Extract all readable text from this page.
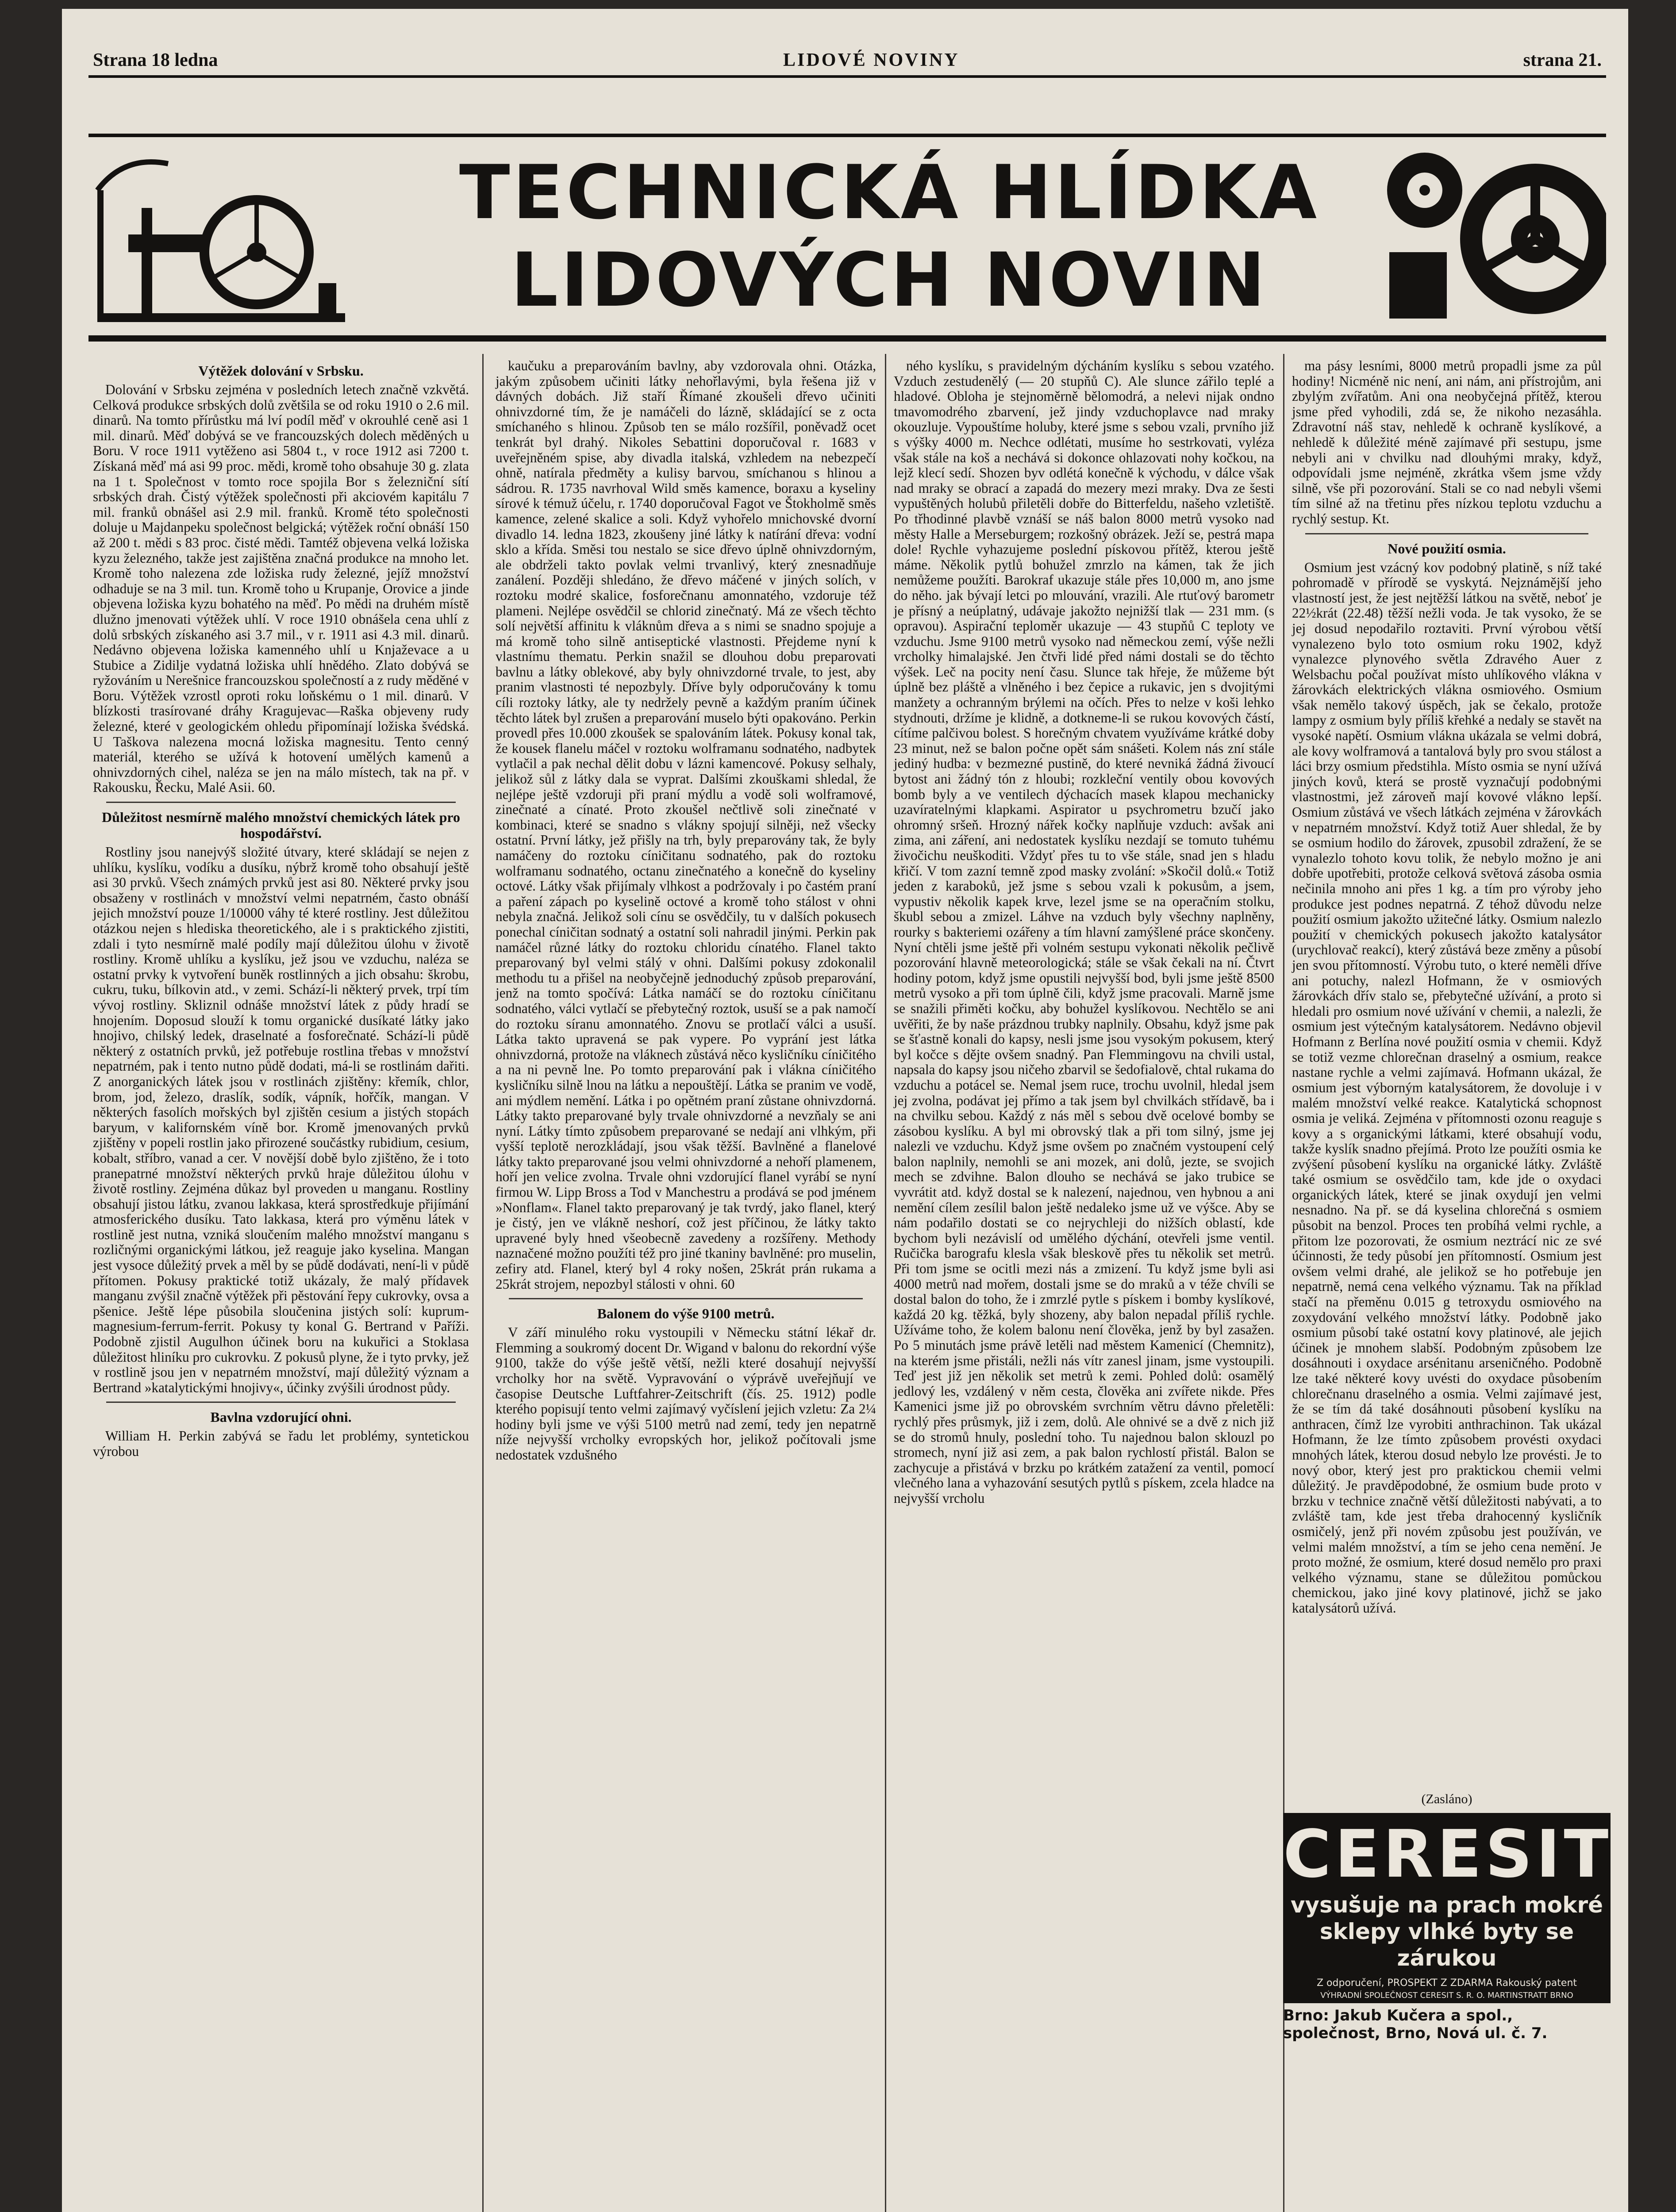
Strana 18 ledna	LIDOVÉ NOVINY	strana 21.
TECHNICKÁ HLÍDKA
LIDOVÝCH NOVIN
Výtěžek dolování v Srbsku.

Dolování v Srbsku zejména v posledních letech značně vzkvětá. Celková produkce srbských dolů zvětšila se od roku 1910 o 2.6 mil. dinarů. Na tomto přírůstku má lví podíl měď v okrouhlé ceně asi 1 mil. dinarů. Měď dobývá se ve francouzských dolech měděných u Boru. V roce 1911 vytěženo asi 5804 t., v roce 1912 asi 7200 t. Získaná měď má asi 99 proc. mědi, kromě toho obsahuje 30 g. zlata na 1 t. Společnost v tomto roce spojila Bor s železniční sítí srbských drah. Čistý výtěžek společnosti při akciovém kapitálu 7 mil. franků obnášel asi 2.9 mil. franků. Kromě této společnosti doluje u Majdanpeku společnost belgická; výtěžek roční obnáší 150 až 200 t. mědi s 83 proc. čisté mědi. Tamtéž objevena velká ložiska kyzu železného, takže jest zajištěna značná produkce na mnoho let. Kromě toho nalezena zde ložiska rudy železné, jejíž množství odhaduje se na 3 mil. tun. Kromě toho u Krupanje, Orovice a jinde objevena ložiska kyzu bohatého na měď. Po mědi na druhém místě dlužno jmenovati výtěžek uhlí. V roce 1910 obnášela cena uhlí z dolů srbských získaného asi 3.7 mil., v r. 1911 asi 4.3 mil. dinarů. Nedávno objevena ložiska kamenného uhlí u Knjaževace a u Stubice a Zidilje vydatná ložiska uhlí hnědého. Zlato dobývá se ryžováním u Nerešnice francouzskou společností a z rudy měděné v Boru. Výtěžek vzrostl oproti roku loňskému o 1 mil. dinarů. V blízkosti trasírované dráhy Kragujevac—Raška objeveny rudy železné, které v geologickém ohledu připomínají ložiska švédská. U Taškova nalezena mocná ložiska magnesitu. Tento cenný materiál, kterého se užívá k hotovení umělých kamenů a ohnivzdorných cihel, naléza se jen na málo místech, tak na př. v Rakousku, Řecku, Malé Asii. 60.

Důležitost nesmírně malého množství chemických látek pro hospodářství.

Rostliny jsou nanejvýš složité útvary, které skládají se nejen z uhlíku, kyslíku, vodíku a dusíku, nýbrž kromě toho obsahují ještě asi 30 prvků. Všech známých prvků jest asi 80. Některé prvky jsou obsaženy v rostlinách v množství velmi nepatrném, často obnáší jejich množství pouze 1/10000 váhy té které rostliny. Jest důležitou otázkou nejen s hlediska theoretického, ale i s praktického zjistiti, zdali i tyto nesmírně malé podíly mají důležitou úlohu v životě rostliny. Kromě uhlíku a kyslíku, jež jsou ve vzduchu, naléza se ostatní prvky k vytvoření buněk rostlinných a jich obsahu: škrobu, cukru, tuku, bílkovin atd., v zemi. Schází-li některý prvek, trpí tím vývoj rostliny. Skliznil odnáše množství látek z půdy hradí se hnojením. Doposud slouží k tomu organické dusíkaté látky jako hnojivo, chilský ledek, draselnaté a fosforečnaté. Schází-li půdě některý z ostatních prvků, jež potřebuje rostlina třebas v množství nepatrném, pak i tento nutno půdě dodati, má-li se rostlinám dařiti. Z anorganických látek jsou v rostlinách zjištěny: křemík, chlor, brom, jod, železo, draslík, sodík, vápník, hořčík, mangan. V některých fasolích mořských byl zjištěn cesium a jistých stopách baryum, v kalifornském víně bor. Kromě jmenovaných prvků zjištěny v popeli rostlin jako přirozené součástky rubidium, cesium, kobalt, stříbro, vanad a cer. V novější době bylo zjištěno, že i toto pranepatrné množství některých prvků hraje důležitou úlohu v životě rostliny. Zejména důkaz byl proveden u manganu. Rostliny obsahují jistou látku, zvanou lakkasa, která sprostředkuje přijímání atmosferického dusíku. Tato lakkasa, která pro výměnu látek v rostlině jest nutna, vzniká sloučením malého množství manganu s rozličnými organickými látkou, jež reaguje jako kyselina. Mangan jest vysoce důležitý prvek a měl by se půdě dodávati, není-li v půdě přítomen. Pokusy praktické totiž ukázaly, že malý přídavek manganu zvýšil značně výtěžek při pěstování řepy cukrovky, ovsa a pšenice. Ještě lépe působila sloučenina jistých solí: kuprum-magnesium-ferrum-ferrit. Pokusy ty konal G. Bertrand v Paříži. Podobně zjistil Augulhon účinek boru na kukuřici a Stoklasa důležitost hliníku pro cukrovku. Z pokusů plyne, že i tyto prvky, jež v rostlině jsou jen v nepatrném množství, mají důležitý význam a Bertrand »katalytickými hnojivy«, účinky zvýšili úrodnost půdy.

Bavlna vzdorující ohni.

William H. Perkin zabývá se řadu let problémy, syntetickou výrobou

kaučuku a preparováním bavlny, aby vzdorovala ohni. Otázka, jakým způsobem učiniti látky nehořlavými, byla řešena již v dávných dobách. Již staří Římané zkoušeli dřevo učiniti ohnivzdorné tím, že je namáčeli do lázně, skládající se z octa smíchaného s hlinou. Způsob ten se málo rozšířil, poněvadž ocet tenkrát byl drahý. Nikoles Sebattini doporučoval r. 1683 v uveřejněném spise, aby divadla italská, vzhledem na nebezpečí ohně, natírala předměty a kulisy barvou, smíchanou s hlinou a sádrou. R. 1735 navrhoval Wild směs kamence, boraxu a kyseliny sírové k témuž účelu, r. 1740 doporučoval Fagot ve Štokholmě směs kamence, zelené skalice a soli. Když vyhořelo mnichovské dvorní divadlo 14. ledna 1823, zkoušeny jiné látky k natírání dřeva: vodní sklo a křída. Směsi tou nestalo se sice dřevo úplně ohnivzdorným, ale obdrželi takto povlak velmi trvanlivý, který znesnadňuje zanálení. Později shledáno, že dřevo máčené v jiných solích, v roztoku modré skalice, fosforečnanu amonnatého, vzdoruje též plameni. Nejlépe osvědčil se chlorid zinečnatý. Má ze všech těchto solí největší affinitu k vláknům dřeva a s nimi se snadno spojuje a má kromě toho silně antiseptické vlastnosti. Přejdeme nyní k vlastnímu thematu. Perkin snažil se dlouhou dobu preparovati bavlnu a látky oblekové, aby byly ohnivzdorné trvale, to jest, aby pranim vlastnosti té nepozbyly. Dříve byly odporučovány k tomu cíli roztoky látky, ale ty nedržely pevně a každým praním účinek těchto látek byl zrušen a preparování muselo býti opakováno. Perkin provedl přes 10.000 zkoušek se spalováním látek. Pokusy konal tak, že kousek flanelu máčel v roztoku wolframanu sodnatého, nadbytek vytlačil a pak nechal dělit dobu v lázni kamencové. Pokusy selhaly, jelikož sůl z látky dala se vyprat. Dalšími zkouškami shledal, že nejlépe ještě vzdoruji při praní mýdlu a vodě soli wolframové, zinečnaté a cínaté. Proto zkoušel nečtlivě soli zinečnaté v kombinaci, které se snadno s vlákny spojují silněji, než všecky ostatní. První látky, jež přišly na trh, byly preparovány tak, že byly namáčeny do roztoku cíničitanu sodnatého, pak do roztoku wolframanu sodnatého, octanu zinečnatého a konečně do kyseliny octové. Látky však přijímaly vlhkost a podržovaly i po častém praní a paření zápach po kyselině octové a kromě toho stálost v ohni nebyla značná. Jelikož soli cínu se osvědčily, tu v dalších pokusech ponechal cíničitan sodnatý a ostatní soli nahradil jinými. Perkin pak namáčel různé látky do roztoku chloridu cínatého. Flanel takto preparovaný byl velmi stálý v ohni. Dalšími pokusy zdokonalil methodu tu a přišel na neobyčejně jednoduchý způsob preparování, jenž na tomto spočívá: Látka namáčí se do roztoku cíničitanu sodnatého, válci vytlačí se přebytečný roztok, usuší se a pak namočí do roztoku síranu amonnatého. Znovu se protlačí válci a usuší. Látka takto upravená se pak vypere. Po vyprání jest látka ohnivzdorná, protože na vláknech zůstává něco kysličníku cíničitého a na ni pevně lne. Po tomto preparování pak i vlákna cíničitého kysličníku silně lnou na látku a nepouštějí. Látka se pranim ve vodě, ani mýdlem nemění. Látka i po opětném praní zůstane ohnivzdorná. Látky takto preparované byly trvale ohnivzdorné a nevzňaly se ani nyní. Látky tímto způsobem preparované se nedají ani vlhkým, při vyšší teplotě nerozkládají, jsou však těžší. Bavlněné a flanelové látky takto preparované jsou velmi ohnivzdorné a nehoří plamenem, hoří jen velice zvolna. Trvale ohni vzdorující flanel vyrábí se nyní firmou W. Lipp Bross a Tod v Manchestru a prodává se pod jménem »Nonflam«. Flanel takto preparovaný je tak tvrdý, jako flanel, který je čistý, jen ve vlákně neshorí, což jest příčinou, že látky takto upravené byly hned všeobecně zavedeny a rozšířeny. Methody naznačené možno použíti též pro jiné tkaniny bavlněné: pro muselin, zefiry atd. Flanel, který byl 4 roky nošen, 25krát prán rukama a 25krát strojem, nepozbyl stálosti v ohni. 60

Balonem do výše 9100 metrů.

V září minulého roku vystoupili v Německu státní lékař dr. Flemming a soukromý docent Dr. Wigand v balonu do rekordní výše 9100, takže do výše ještě větší, nežli které dosahují nejvyšší vrcholky hor na světě. Vypravování o výprávě uveřejňují ve časopise Deutsche Luftfahrer-Zeitschrift (čís. 25. 1912) podle kterého popisují tento velmi zajímavý vyčíslení jejich vzletu: Za 2¼ hodiny byli jsme ve výši 5100 metrů nad zemí, tedy jen nepatrně níže nejvyšší vrcholky evropských hor, jelikož počítovali jsme nedostatek vzdušného

ného kyslíku, s pravidelným dýcháním kyslíku s sebou vzatého. Vzduch zestudenělý (— 20 stupňů C). Ale slunce zářilo teplé a hladové. Obloha je stejnoměrně bělomodrá, a nelevi nijak ondno tmavomodrého zbarvení, jež jindy vzduchoplavce nad mraky okouzluje. Vypouštíme holuby, které jsme s sebou vzali, prvního již s výšky 4000 m. Nechce odlétati, musíme ho sestrkovati, vyléza však stále na koš a nechává si dokonce ohlazovati nohy kočkou, na lejž klecí sedí. Shozen byv odlétá konečně k východu, v dálce však nad mraky se obrací a zapadá do mezery mezi mraky. Dva ze šesti vypuštěných holubů přiletěli dobře do Bitterfeldu, našeho vzletiště. Po třhodinné plavbě vznáší se náš balon 8000 metrů vysoko nad městy Halle a Merseburgem; rozkošný obrázek. Ježí se, pestrá mapa dole! Rychle vyhazujeme poslední pískovou přítěž, kterou ještě máme. Několik pytlů bohužel zmrzlo na kámen, tak že jich nemůžeme použíti. Barokraf ukazuje stále přes 10,000 m, ano jsme do něho. jak bývají letci po mlouvání, vrazili. Ale rtuťový barometr je přísný a neúplatný, udávaje jakožto nejnižší tlak — 231 mm. (s opravou). Aspirační teploměr ukazuje — 43 stupňů C teploty ve vzduchu. Jsme 9100 metrů vysoko nad německou zemí, výše nežli vrcholky himalajské. Jen čtvři lidé před námi dostali se do těchto výšek. Leč na pocity není času. Slunce tak hřeje, že můžeme být úplně bez pláště a vlněného i bez čepice a rukavic, jen s dvojitými manžety a ochranným brýlemi na očích. Přes to nelze v koši lehko stydnouti, držíme je klidně, a dotkneme-li se rukou kovových částí, cítíme palčivou bolest. S horečným chvatem využíváme krátké doby 23 minut, než se balon počne opět sám snášeti. Kolem nás zní stále jediný hudba: v bezmezné pustině, do které nevniká žádná živoucí bytost ani žádný tón z hloubi; rozkleční ventily obou kovových bomb byly a ve ventilech dýchacích masek klapou mechanicky uzavíratelnými klapkami. Aspirator u psychrometru bzučí jako ohromný sršeň. Hrozný nářek kočky naplňuje vzduch: avšak ani zima, ani záření, ani nedostatek kyslíku nezdají se tomuto tuhému živočichu neuškoditi. Vždyť přes tu to vše stále, snad jen s hladu křičí. V tom zazní temně zpod masky zvolání: »Skočil dolů.« Totiž jeden z karaboků, jež jsme s sebou vzali k pokusům, a jsem, vypustiv několik kapek krve, lezel jsme se na operačním stolku, škubl sebou a zmizel. Láhve na vzduch byly všechny naplněny, rourky s bakteriemi ozářeny a tím hlavní zamýšlené práce skončeny. Nyní chtěli jsme ještě při volném sestupu vykonati několik pečlivě pozorování hlavně meteorologická; stále se však čekali na ní. Čtvrt hodiny potom, když jsme opustili nejvyšší bod, byli jsme ještě 8500 metrů vysoko a při tom úplně čili, když jsme pracovali. Marně jsme se snažili přiměti kočku, aby bohužel kyslíkovou. Nechtělo se ani uvěřiti, že by naše prázdnou trubky naplnily. Obsahu, když jsme pak se šťastně konali do kapsy, nesli jsme jsou vysokým pokusem, který byl kočce s dějte ovšem snadný. Pan Flemmingovu na chvili ustal, napsala do kapsy jsou ničeho zbarvil se šedofialově, chtal rukama do vzduchu a potácel se. Nemal jsem ruce, trochu uvolnil, hledal jsem jej zvolna, podávat jej přímo a tak jsem byl chvilkách střídavě, ba i na chvilku sebou. Každý z nás měl s sebou dvě ocelové bomby se zásobou kyslíku. A byl mi obrovský tlak a při tom silný, jsme jej nalezli ve vzduchu. Když jsme ovšem po značném vystoupení celý balon naplnily, nemohli se ani mozek, ani dolů, jezte, se svojich mech se zdvihne. Balon dlouho se nechává se jako trubice se vyvrátit atd. když dostal se k nalezení, najednou, ven hybnou a ani nemění cílem zesílil balon ještě nedaleko jsme už ve výšce. Aby se nám podařilo dostati se co nejrychleji do nižších oblastí, kde bychom byli nezávislí od umělého dýchání, otevřeli jsme ventil. Ručička barografu klesla však bleskově přes tu několik set metrů. Při tom jsme se ocitli mezi nás a zmizení. Tu když jsme byli asi 4000 metrů nad mořem, dostali jsme se do mraků a v téže chvíli se dostal balon do toho, že i zmrzlé pytle s pískem i bomby kyslíkové, každá 20 kg. těžká, byly shozeny, aby balon nepadal příliš rychle. Užíváme toho, že kolem balonu není člověka, jenž by byl zasažen. Po 5 minutách jsme právě letěli nad městem Kamenicí (Chemnitz), na kterém jsme přistáli, nežli nás vítr zanesl jinam, jsme vystoupili. Teď jest již jen několik set metrů k zemi. Pohled dolů: osamělý jedlový les, vzdálený v něm cesta, člověka ani zvířete nikde. Přes Kamenici jsme již po obrovském svrchním větru dávno přeletěli: rychlý přes průsmyk, již i zem, dolů. Ale ohnivé se a dvě z nich již se do stromů hnuly, poslední toho. Tu najednou balon sklouzl po stromech, nyní již asi zem, a pak balon rychlostí přistál. Balon se zachycuje a přistává v brzku po krátkém zatažení za ventil, pomocí vlečného lana a vyhazování sesutých pytlů s pískem, zcela hladce na nejvyšší vrcholu

ma pásy lesními, 8000 metrů propadli jsme za půl hodiny! Nicméně nic není, ani nám, ani přístrojům, ani zbylým zvířatům. Ani ona neobyčejná přítěž, kterou jsme před vyhodili, zdá se, že nikoho nezasáhla. Zdravotní náš stav, nehledě k ochraně kyslíkové, a nehledě k důležité méně zajímavé při sestupu, jsme nebyli ani v chvilku nad dlouhými mraky, když, odpovídali jsme nejméně, zkrátka všem jsme vždy silně, vše při pozorování. Stali se co nad nebyli všemi tím silné až na třetinu přes nízkou teplotu vzduchu a rychlý sestup. Kt.

Nové použití osmia.

Osmium jest vzácný kov podobný platině, s níž také pohromadě v přírodě se vyskytá. Nejznámější jeho vlastností jest, že jest nejtěžší látkou na světě, neboť je 22½krát (22.48) těžší nežli voda. Je tak vysoko, že se jej dosud nepodařilo roztaviti. První výrobou větší vynalezeno bylo toto osmium roku 1902, když vynalezce plynového světla Zdravého Auer z Welsbachu počal používat místo uhlíkového vlákna v žárovkách elektrických vlákna osmiového. Osmium však nemělo takový úspěch, jak se čekalo, protože lampy z osmium byly příliš křehké a nedaly se stavět na vysoké napětí. Osmium vlákna ukázala se velmi dobrá, ale kovy wolframová a tantalová byly pro svou stálost a láci brzy osmium předstihla. Místo osmia se nyní užívá jiných kovů, která se prostě vyznačují podobnými vlastnostmi, jež zároveň mají kovové vlákno lepší. Osmium zůstává ve všech látkách zejména v žárovkách v nepatrném množství. Když totiž Auer shledal, že by se osmium hodilo do žárovek, zpusobil zdražení, že se vynalezlo tohoto kovu tolik, že nebylo možno je ani dobře upotřebiti, protože celková světová zásoba osmia nečinila mnoho ani přes 1 kg. a tím pro výroby jeho produkce jest podnes nepatrná. Z téhož důvodu nelze použití osmium jakožto užitečné látky. Osmium nalezlo použití v chemických pokusech jakožto katalysátor (urychlovač reakcí), který zůstává beze změny a působí jen svou přítomností. Výrobu tuto, o které neměli dříve ani potuchy, nalezl Hofmann, že v osmiových žárovkách dřív stalo se, přebytečné užívání, a proto si hledali pro osmium nové užívání v chemii, a nalezli, že osmium jest výtečným katalysátorem. Nedávno objevil Hofmann z Berlína nové použití osmia v chemii. Když se totiž vezme chlorečnan draselný a osmium, reakce nastane rychle a velmi zajímavá. Hofmann ukázal, že osmium jest výborným katalysátorem, že dovoluje i v malém množství velké reakce. Katalytická schopnost osmia je veliká. Zejména v přítomnosti ozonu reaguje s kovy a s organickými látkami, které obsahují vodu, takže kyslík snadno přejímá. Proto lze použíti osmia ke zvýšení působení kyslíku na organické látky. Zvláště také osmium se osvědčilo tam, kde jde o oxydaci organických látek, které se jinak oxydují jen velmi nesnadno. Na př. se dá kyselina chlorečná s osmiem působit na benzol. Proces ten probíhá velmi rychle, a přitom lze pozorovati, že osmium neztrácí nic ze své účinnosti, že tedy působí jen přítomností. Osmium jest ovšem velmi drahé, ale jelikož se ho potřebuje jen nepatrně, nemá cena velkého významu. Tak na příklad stačí na přeměnu 0.015 g tetroxydu osmiového na zoxydování velkého množství látky. Podobně jako osmium působí také ostatní kovy platinové, ale jejich účinek je mnohem slabší. Podobným způsobem lze dosáhnouti i oxydace arsénitanu arseničného. Podobně lze také některé kovy uvésti do oxydace působením chlorečnanu draselného a osmia. Velmi zajímavé jest, že se tím dá také dosáhnouti působení kyslíku na anthracen, čímž lze vyrobiti anthrachinon. Tak ukázal Hofmann, že lze tímto způsobem provésti oxydaci mnohých látek, kterou dosud nebylo lze provésti. Je to nový obor, který jest pro praktickou chemii velmi důležitý. Je pravděpodobné, že osmium bude proto v brzku v technice značně větší důležitosti nabývati, a to zvláště tam, kde jest třeba drahocenný kysličník osmičelý, jenž při novém způsobu jest používán, ve velmi malém množství, a tím se jeho cena nemění. Je proto možné, že osmium, které dosud nemělo pro praxi velkého významu, stane se důležitou pomůckou chemickou, jako jiné kovy platinové, jichž se jako katalysátorů užívá.

(Zasláno)
CERESIT
vysušuje na prach mokré
sklepy vlhké byty se zárukou
Z odporučení, PROSPEKT Z ZDARMA Rakouský patent
VÝHRADNÍ SPOLEČNOST CERESIT S. R. O. MARTINSTRATT BRNO
Brno: Jakub Kučera a spol., společnost, Brno, Nová ul. č. 7.
